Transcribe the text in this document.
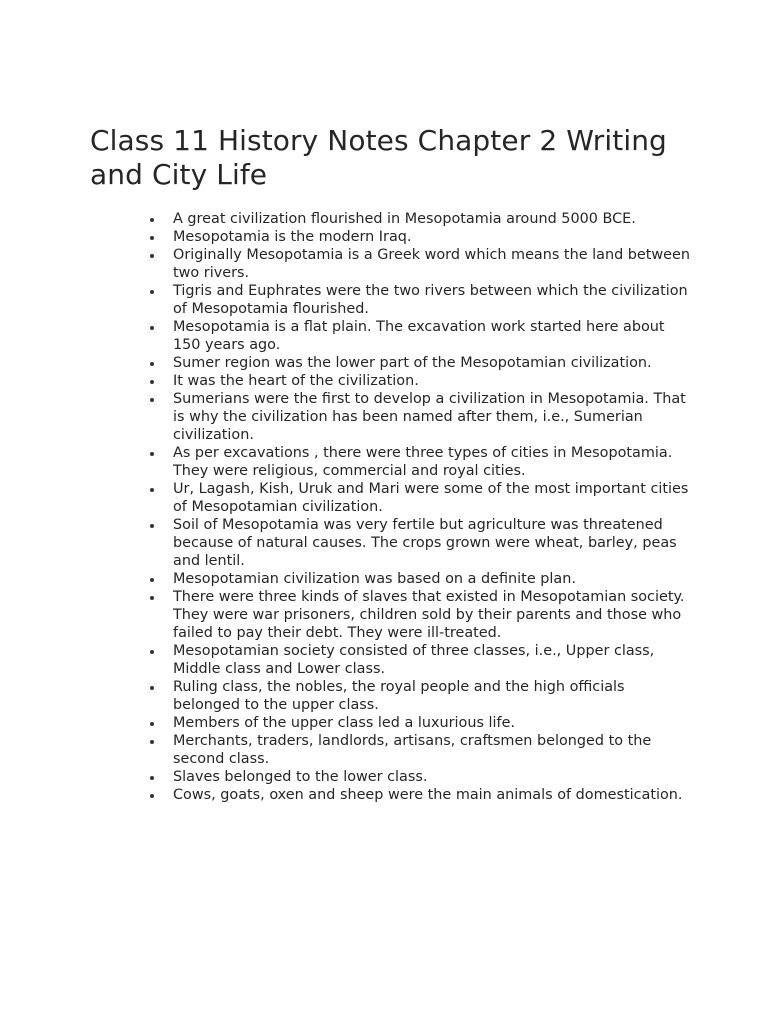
Class 11 History Notes Chapter 2 Writing and City Life
A great civilization flourished in Mesopotamia around 5000 BCE.
Mesopotamia is the modern Iraq.
Originally Mesopotamia is a Greek word which means the land between two rivers.
Tigris and Euphrates were the two rivers between which the civilization of Mesopotamia flourished.
Mesopotamia is a flat plain. The excavation work started here about 150 years ago.
Sumer region was the lower part of the Mesopotamian civilization.
It was the heart of the civilization.
Sumerians were the first to develop a civilization in Mesopotamia. That is why the civilization has been named after them, i.e., Sumerian civilization.
As per excavations , there were three types of cities in Mesopotamia. They were religious, commercial and royal cities.
Ur, Lagash, Kish, Uruk and Mari were some of the most important cities of Mesopotamian civilization.
Soil of Mesopotamia was very fertile but agriculture was threatened because of natural causes. The crops grown were wheat, barley, peas and lentil.
Mesopotamian civilization was based on a definite plan.
There were three kinds of slaves that existed in Mesopotamian society. They were war prisoners, children sold by their parents and those who failed to pay their debt. They were ill-treated.
Mesopotamian society consisted of three classes, i.e., Upper class, Middle class and Lower class.
Ruling class, the nobles, the royal people and the high officials belonged to the upper class.
Members of the upper class led a luxurious life.
Merchants, traders, landlords, artisans, craftsmen belonged to the second class.
Slaves belonged to the lower class.
Cows, goats, oxen and sheep were the main animals of domestication.
